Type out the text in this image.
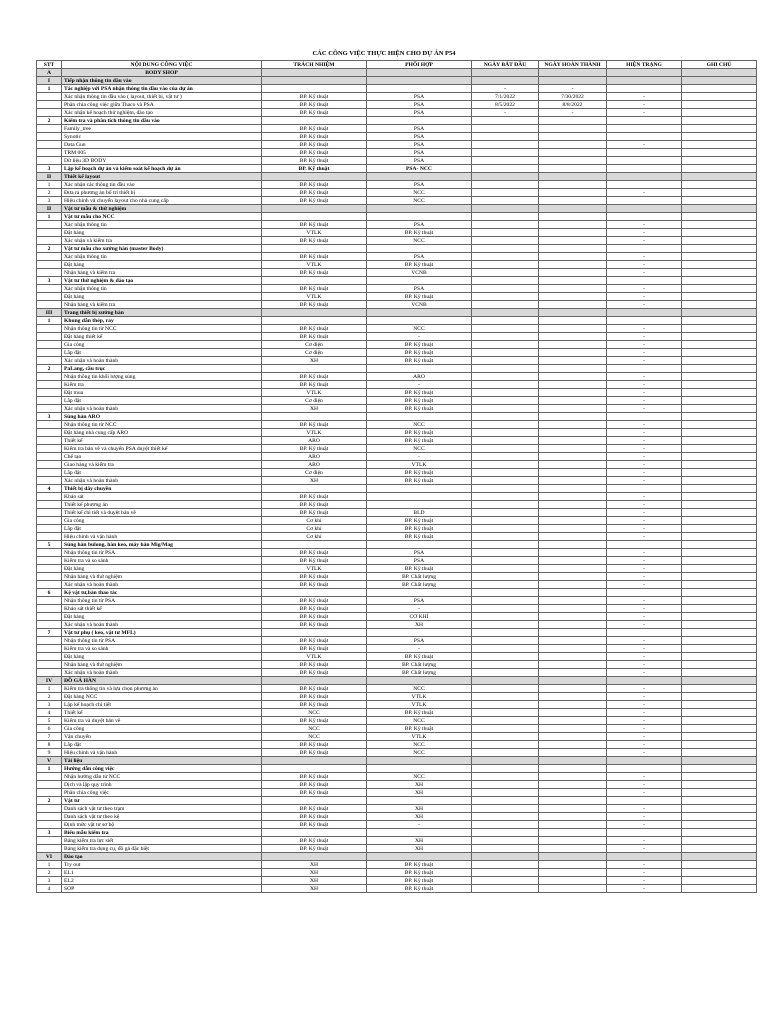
CÁC CÔNG VIỆC THỰC HIỆN CHO DỰ ÁN P54
STT	NỘI DUNG CÔNG VIỆC	TRÁCH NHIỆM	PHỐI HỢP	NGÀY BẮT ĐẦU	NGÀY HOÀN THÀNH	HIỆN TRẠNG	GHI CHÚ
A	BODY SHOP						
I	Tiếp nhận thông tin đầu vào						
1	Tác nghiệp với PSA nhận thông tin đầu vào của dự án			-	-		
	Xác nhận thông tin đầu vào ( layout, thiết bị, vật tư )	BP. Kỹ thuật	PSA	7/1/2022	7/30/2022	-	
	Phân chia công việc giữa Thaco và PSA	BP. Kỹ thuật	PSA	8/5/2022	8/8/2022	-	
	Xác nhận kế hoạch thử nghiệm, đào tạo	BP. Kỹ thuật	PSA	-	-	-	
2	Kiểm tra và phân tích thông tin đầu vào						
	Family_tree	BP. Kỹ thuật	PSA				
	Synotic	BP. Kỹ thuật	PSA				
	Data Gun	BP. Kỹ thuật	PSA			-	
	TRM 005	BP. Kỹ thuật	PSA				
	Dữ liệu 3D BODY	BP. Kỹ thuật	PSA				
3	Lập kế hoạch dự án và kiểm soát kế hoạch dự án	BP. Kỹ thuật	PSA- NCC				
II	Thiết kế layout						
1	Xác nhận các thông tin đầu vào	BP. Kỹ thuật	PSA				
2	Đưa ra phương án bố trí thiết bị	BP. Kỹ thuật	NCC			-	
3	Hiệu chỉnh và chuyển layout cho nhà cung cấp	BP. Kỹ thuật	NCC				
II	Vật tư mẫu & thử nghiệm						
1	Vật tư mẫu cho NCC						
	Xác nhận thông tin	BP. Kỹ thuật	PSA			-	
	Đặt hàng	VTLK	BP. Kỹ thuật			-	
	Xác nhận và kiểm tra	BP. Kỹ thuật	NCC			-	
2	Vật tư mẫu cho xưởng hàn (master Body)						
	Xác nhận thông tin	BP. Kỹ thuật	PSA			-	
	Đặt hàng	VTLK	BP. Kỹ thuật			-	
	Nhận hàng và kiểm tra	BP. Kỹ thuật	VCNB			-	
3	Vật tư thử nghiệm & đào tạo						
	Xác nhận thông tin	BP. Kỹ thuật	PSA			-	
	Đặt hàng	VTLK	BP. Kỹ thuật			-	
	Nhận hàng và kiểm tra	BP. Kỹ thuật	VCNB			-	
III	Trang thiết bị xưởng hàn						
1	Khung dẫn thép, ray						
	Nhận thông tin từ NCC	BP. Kỹ thuật	NCC			-	
	Đặt hàng thiết kế	BP. Kỹ thuật	-			-	
	Gia công	Cơ điện	BP. Kỹ thuật			-	
	Lắp đặt	Cơ điện	BP. Kỹ thuật			-	
	Xác nhận và hoàn thành	XH	BP. Kỹ thuật			-	
2	PaLang, cầu trục						
	Nhận thông tin khối lượng súng	BP. Kỹ thuật	ARO			-	
	Kiểm tra	BP. Kỹ thuật	-			-	
	Đặt mua	VTLK	BP. Kỹ thuật			-	
	Lắp đặt	Cơ điện	BP. Kỹ thuật			-	
	Xác nhận và hoàn thành	XH	BP. Kỹ thuật			-	
3	Súng hàn ARO						
	Nhận thông tin từ NCC	BP. Kỹ thuật	NCC			-	
	Đặt hàng nhà cung cấp ARO	VTLK	BP. Kỹ thuật			-	
	Thiết kế	ARO	BP. Kỹ thuật			-	
	Kiểm tra bản vẽ và chuyển PSA duyệt thiết kế	BP. Kỹ thuật	NCC			-	
	Chế tạo	ARO	-			-	
	Giao hàng và kiểm tra	ARO	VTLK			-	
	Lắp đặt	Cơ điện	BP. Kỹ thuật			-	
	Xác nhận và hoàn thành	XH	BP. Kỹ thuật			-	
4	Thiết bị dây chuyền						
	Khảo sát	BP. Kỹ thuật				-	
	Thiết kế phương án	BP. Kỹ thuật				-	
	Thiết kế chi tiết và duyệt bản vẽ	BP. Kỹ thuật	BLD			-	
	Gia công	Cơ khí	BP. Kỹ thuật			-	
	Lắp đặt	Cơ khí	BP. Kỹ thuật			-	
	Hiệu chỉnh và vận hành	Cơ khí	BP. Kỹ thuật			-	
5	Súng hàn bulong, hàn keo, máy hàn Mig/Mag						
	Nhận thông tin từ PSA	BP. Kỹ thuật	PSA			-	
	Kiểm tra và so sánh	BP. Kỹ thuật	PSA			-	
	Đặt hàng	VTLK	BP. Kỹ thuật			-	
	Nhận hàng và thử nghiệm	BP. Kỹ thuật	BP. Chất lượng			-	
	Xác nhận và hoàn thành	BP. Kỹ thuật	BP. Chất lượng			-	
6	Kệ vật tư,bàn thao tác						
	Nhận thông tin từ PSA	BP. Kỹ thuật	PSA			-	
	Khảo sát thiết kế	BP. Kỹ thuật	-			-	
	Đặt hàng	BP. Kỹ thuật	CƠ KHÍ			-	
	Xác nhận và hoàn thành	BP. Kỹ thuật	XH			-	
7	Vật tư phụ ( keo, vật tư MFL)						
	Nhận thông tin từ PSA	BP. Kỹ thuật	PSA			-	
	Kiểm tra và so sánh	BP. Kỹ thuật	-			-	
	Đặt hàng	VTLK	BP. Kỹ thuật			-	
	Nhận hàng và thử nghiệm	BP. Kỹ thuật	BP. Chất lượng			-	
	Xác nhận và hoàn thành	BP. Kỹ thuật	BP. Chất lượng			-	
IV	ĐỒ GÁ HÀN						
1	Kiểm tra thông tin và lựa chọn phương án	BP. Kỹ thuật	NCC			-	
2	Đặt hàng NCC	BP. Kỹ thuật	VTLK			-	
3	Lập kế hoạch chi tiết	BP. Kỹ thuật	VTLK			-	
4	Thiết kế	NCC	BP. Kỹ thuật			-	
5	Kiểm tra và duyệt bản vẽ	BP. Kỹ thuật	NCC			-	
6	Gia công	NCC	BP. Kỹ thuật			-	
7	Vận chuyển	NCC	VTLK			-	
8	Lắp đặt	BP. Kỹ thuật	NCC			-	
9	Hiệu chỉnh và vận hành	BP. Kỹ thuật	NCC			-	
V	Tài liệu						
1	Hướng dẫn công việc						
	Nhận hướng dẫn từ NCC	BP. Kỹ thuật	NCC			-	
	Dịch và lập quy trình	BP. Kỹ thuật	XH			-	
	Phân chia công việc	BP. Kỹ thuật	XH			-	
2	Vật tư						
	Danh sách vật tư theo trạm	BP. Kỹ thuật	XH			-	
	Danh sách vật tư theo kệ	BP. Kỹ thuật	XH			-	
	Định mức vật tư sơ bộ	BP. Kỹ thuật	-			-	
3	Biểu mẫu kiểm tra						
	Bảng kiểm tra lực siết	BP. Kỹ thuật	XH			-	
	Bảng kiểm tra dụng cụ, đồ gá đặc biệt	BP. Kỹ thuật	XH			-	
VI	Đào tạo						
1	Try out	XH	BP. Kỹ thuật			-	
2	EL1	XH	BP. Kỹ thuật			-	
3	EL2	XH	BP. Kỹ thuật			-	
4	SOP	XH	BP. Kỹ thuật			-	
